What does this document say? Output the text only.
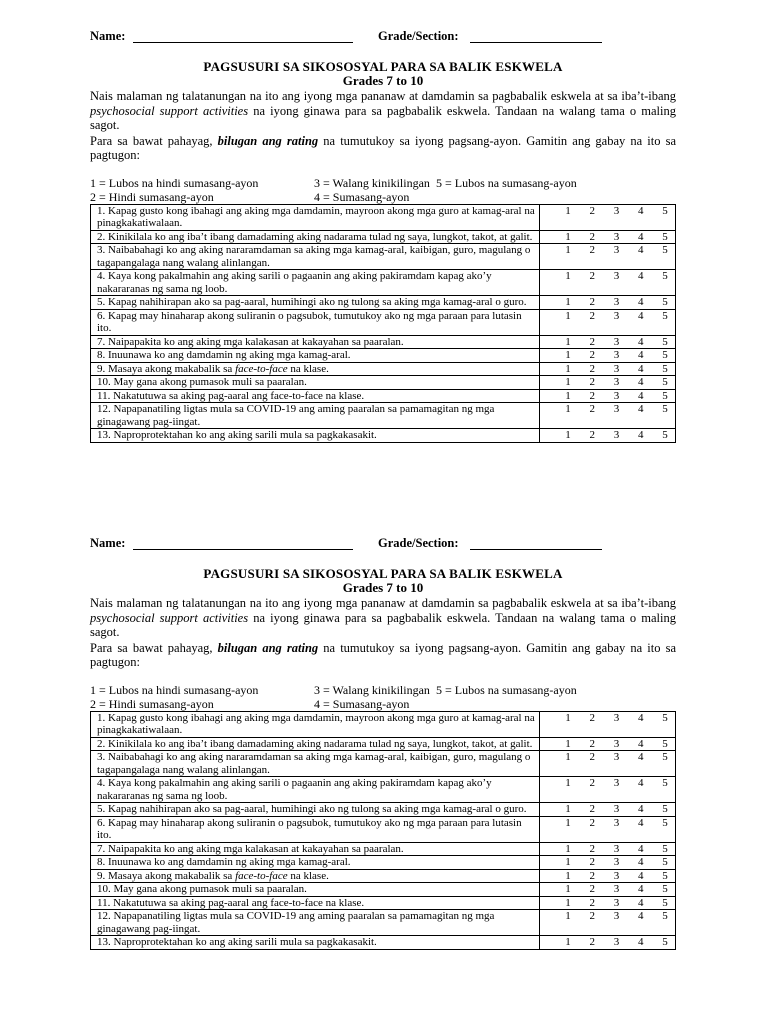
Name:	Grade/Section:
PAGSUSURI SA SIKOSOSYAL PARA SA BALIK ESKWELA
Grades 7 to 10

Nais malaman ng talatanungan na ito ang iyong mga pananaw at damdamin sa pagbabalik eskwela at sa iba’t-ibang psychosocial support activities na iyong ginawa para sa pagbabalik eskwela. Tandaan na walang tama o maling sagot.

Para sa bawat pahayag, bilugan ang rating na tumutukoy sa iyong pagsang-ayon. Gamitin ang gabay na ito sa pagtugon:

1 = Lubos na hindi sumasang-ayon	3 = Walang kinikilingan 5 = Lubos na sumasang-ayon
2 = Hindi sumasang-ayon	4 = Sumasang-ayon
1. Kapag gusto kong ibahagi ang aking mga damdamin, mayroon akong mga guro at kamag-aral na pinagkakatiwalaan.	1 2 3 4 5

2. Kinikilala ko ang iba’t ibang damadaming aking nadarama tulad ng saya, lungkot, takot, at galit.	1 2 3 4 5

3. Naibabahagi ko ang aking nararamdaman sa aking mga kamag-aral, kaibigan, guro, magulang o tagapangalaga nang walang alinlangan.	1 2 3 4 5

4. Kaya kong pakalmahin ang aking sarili o pagaanin ang aking pakiramdam kapag ako’y nakararanas ng sama ng loob.	1 2 3 4 5

5. Kapag nahihirapan ako sa pag-aaral, humihingi ako ng tulong sa aking mga kamag-aral o guro.	1 2 3 4 5

6. Kapag may hinaharap akong suliranin o pagsubok, tumutukoy ako ng mga paraan para lutasin ito.	1 2 3 4 5

7. Naipapakita ko ang aking mga kalakasan at kakayahan sa paaralan.	1 2 3 4 5

8. Inuunawa ko ang damdamin ng aking mga kamag-aral.	1 2 3 4 5

9. Masaya akong makabalik sa face-to-face na klase.	1 2 3 4 5

10. May gana akong pumasok muli sa paaralan.	1 2 3 4 5

11. Nakatutuwa sa aking pag-aaral ang face-to-face na klase.	1 2 3 4 5

12. Napapanatiling ligtas mula sa COVID-19 ang aming paaralan sa pamamagitan ng mga ginagawang pag-iingat.	1 2 3 4 5

13. Naproprotektahan ko ang aking sarili mula sa pagkakasakit.	1 2 3 4 5
Name:	Grade/Section:
PAGSUSURI SA SIKOSOSYAL PARA SA BALIK ESKWELA
Grades 7 to 10

Nais malaman ng talatanungan na ito ang iyong mga pananaw at damdamin sa pagbabalik eskwela at sa iba’t-ibang psychosocial support activities na iyong ginawa para sa pagbabalik eskwela. Tandaan na walang tama o maling sagot.

Para sa bawat pahayag, bilugan ang rating na tumutukoy sa iyong pagsang-ayon. Gamitin ang gabay na ito sa pagtugon:

1 = Lubos na hindi sumasang-ayon	3 = Walang kinikilingan 5 = Lubos na sumasang-ayon
2 = Hindi sumasang-ayon	4 = Sumasang-ayon
1. Kapag gusto kong ibahagi ang aking mga damdamin, mayroon akong mga guro at kamag-aral na pinagkakatiwalaan.	1 2 3 4 5

2. Kinikilala ko ang iba’t ibang damadaming aking nadarama tulad ng saya, lungkot, takot, at galit.	1 2 3 4 5

3. Naibabahagi ko ang aking nararamdaman sa aking mga kamag-aral, kaibigan, guro, magulang o tagapangalaga nang walang alinlangan.	1 2 3 4 5

4. Kaya kong pakalmahin ang aking sarili o pagaanin ang aking pakiramdam kapag ako’y nakararanas ng sama ng loob.	1 2 3 4 5

5. Kapag nahihirapan ako sa pag-aaral, humihingi ako ng tulong sa aking mga kamag-aral o guro.	1 2 3 4 5

6. Kapag may hinaharap akong suliranin o pagsubok, tumutukoy ako ng mga paraan para lutasin ito.	1 2 3 4 5

7. Naipapakita ko ang aking mga kalakasan at kakayahan sa paaralan.	1 2 3 4 5

8. Inuunawa ko ang damdamin ng aking mga kamag-aral.	1 2 3 4 5

9. Masaya akong makabalik sa face-to-face na klase.	1 2 3 4 5

10. May gana akong pumasok muli sa paaralan.	1 2 3 4 5

11. Nakatutuwa sa aking pag-aaral ang face-to-face na klase.	1 2 3 4 5

12. Napapanatiling ligtas mula sa COVID-19 ang aming paaralan sa pamamagitan ng mga ginagawang pag-iingat.	1 2 3 4 5

13. Naproprotektahan ko ang aking sarili mula sa pagkakasakit.	1 2 3 4 5
